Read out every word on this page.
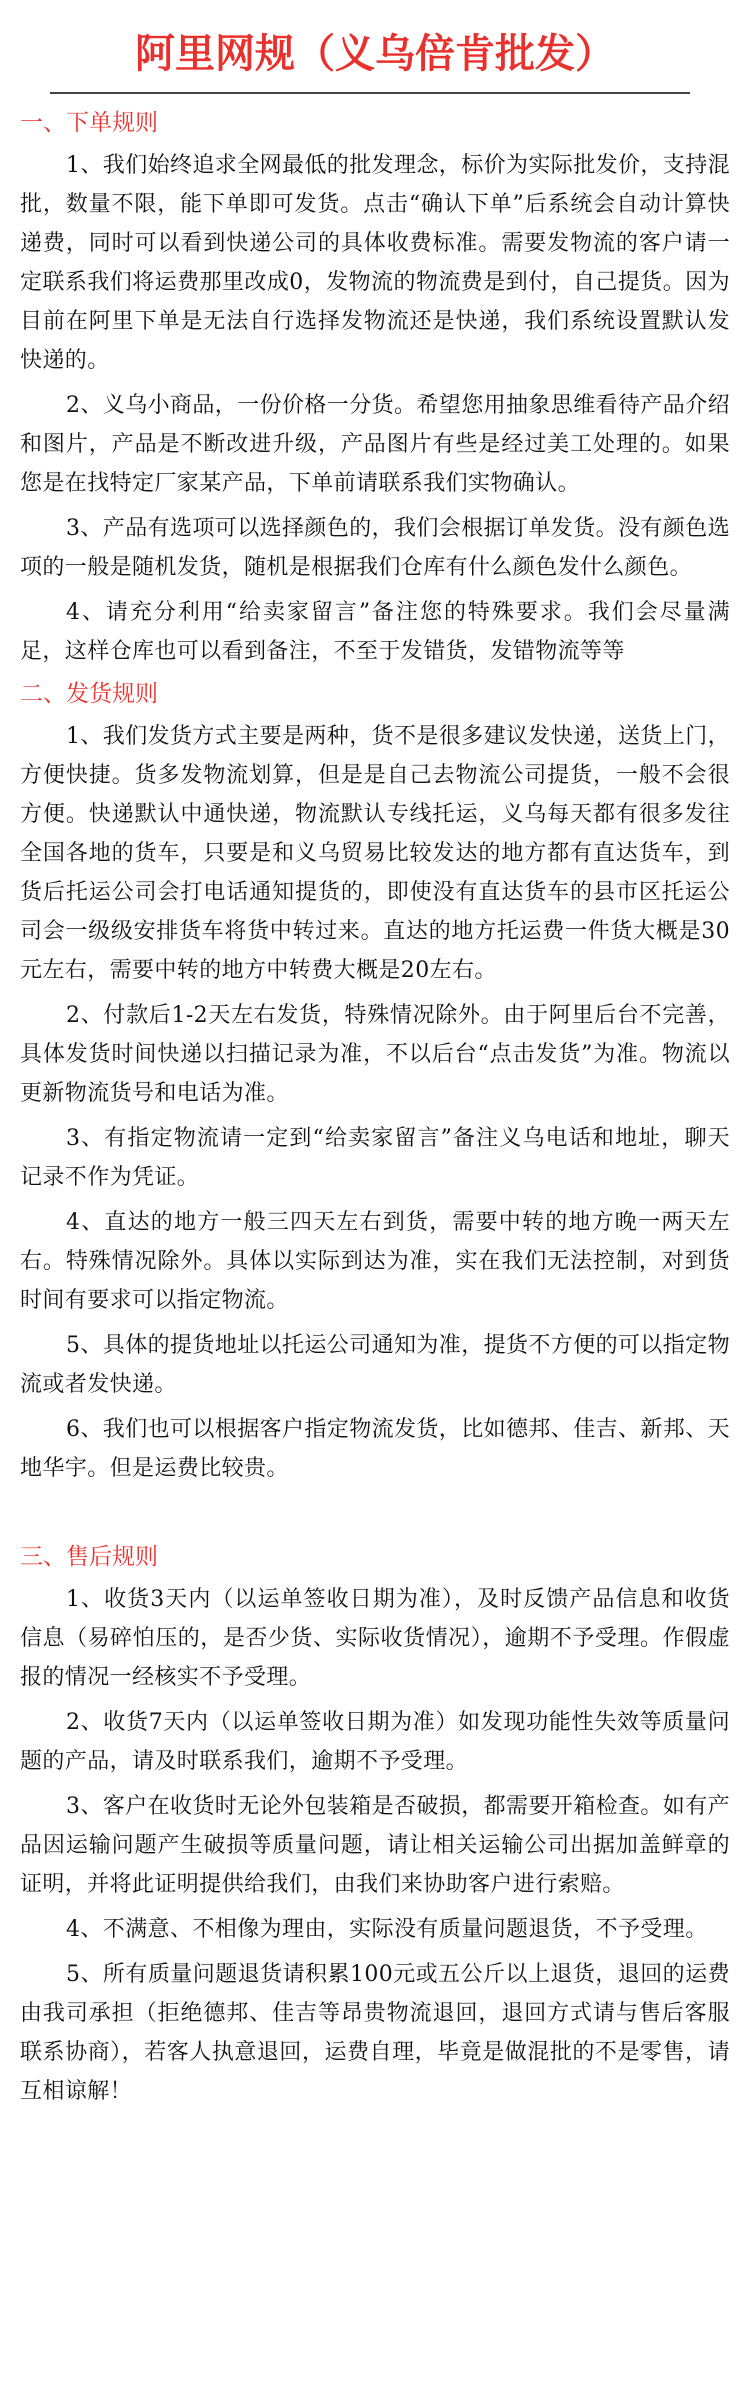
阿里网规（义乌倍肯批发）
一、下单规则

1、我们始终追求全网最低的批发理念，标价为实际批发价，支持混批，数量不限，能下单即可发货。点击“确认下单”后系统会自动计算快递费，同时可以看到快递公司的具体收费标准。需要发物流的客户请一定联系我们将运费那里改成0，发物流的物流费是到付，自己提货。因为目前在阿里下单是无法自行选择发物流还是快递，我们系统设置默认发快递的。

2、义乌小商品，一份价格一分货。希望您用抽象思维看待产品介绍和图片，产品是不断改进升级，产品图片有些是经过美工处理的。如果您是在找特定厂家某产品，下单前请联系我们实物确认。

3、产品有选项可以选择颜色的，我们会根据订单发货。没有颜色选项的一般是随机发货，随机是根据我们仓库有什么颜色发什么颜色。

4、请充分利用“给卖家留言”备注您的特殊要求。我们会尽量满足，这样仓库也可以看到备注，不至于发错货，发错物流等等

二、发货规则

1、我们发货方式主要是两种，货不是很多建议发快递，送货上门，方便快捷。货多发物流划算，但是是自己去物流公司提货，一般不会很方便。快递默认中通快递，物流默认专线托运，义乌每天都有很多发往全国各地的货车，只要是和义乌贸易比较发达的地方都有直达货车，到货后托运公司会打电话通知提货的，即使没有直达货车的县市区托运公司会一级级安排货车将货中转过来。直达的地方托运费一件货大概是30元左右，需要中转的地方中转费大概是20左右。

2、付款后1-2天左右发货，特殊情况除外。由于阿里后台不完善，具体发货时间快递以扫描记录为准，不以后台“点击发货”为准。物流以更新物流货号和电话为准。

3、有指定物流请一定到“给卖家留言”备注义乌电话和地址，聊天记录不作为凭证。

4、直达的地方一般三四天左右到货，需要中转的地方晚一两天左右。特殊情况除外。具体以实际到达为准，实在我们无法控制，对到货时间有要求可以指定物流。

5、具体的提货地址以托运公司通知为准，提货不方便的可以指定物流或者发快递。

6、我们也可以根据客户指定物流发货，比如德邦、佳吉、新邦、天地华宇。但是运费比较贵。

三、售后规则

1、收货3天内（以运单签收日期为准），及时反馈产品信息和收货信息（易碎怕压的，是否少货、实际收货情况），逾期不予受理。作假虚报的情况一经核实不予受理。

2、收货7天内（以运单签收日期为准）如发现功能性失效等质量问题的产品，请及时联系我们，逾期不予受理。

3、客户在收货时无论外包装箱是否破损，都需要开箱检查。如有产品因运输问题产生破损等质量问题，请让相关运输公司出据加盖鲜章的证明，并将此证明提供给我们，由我们来协助客户进行索赔。

4、不满意、不相像为理由，实际没有质量问题退货，不予受理。

5、所有质量问题退货请积累100元或五公斤以上退货，退回的运费由我司承担（拒绝德邦、佳吉等昂贵物流退回，退回方式请与售后客服联系协商），若客人执意退回，运费自理，毕竟是做混批的不是零售，请互相谅解！
